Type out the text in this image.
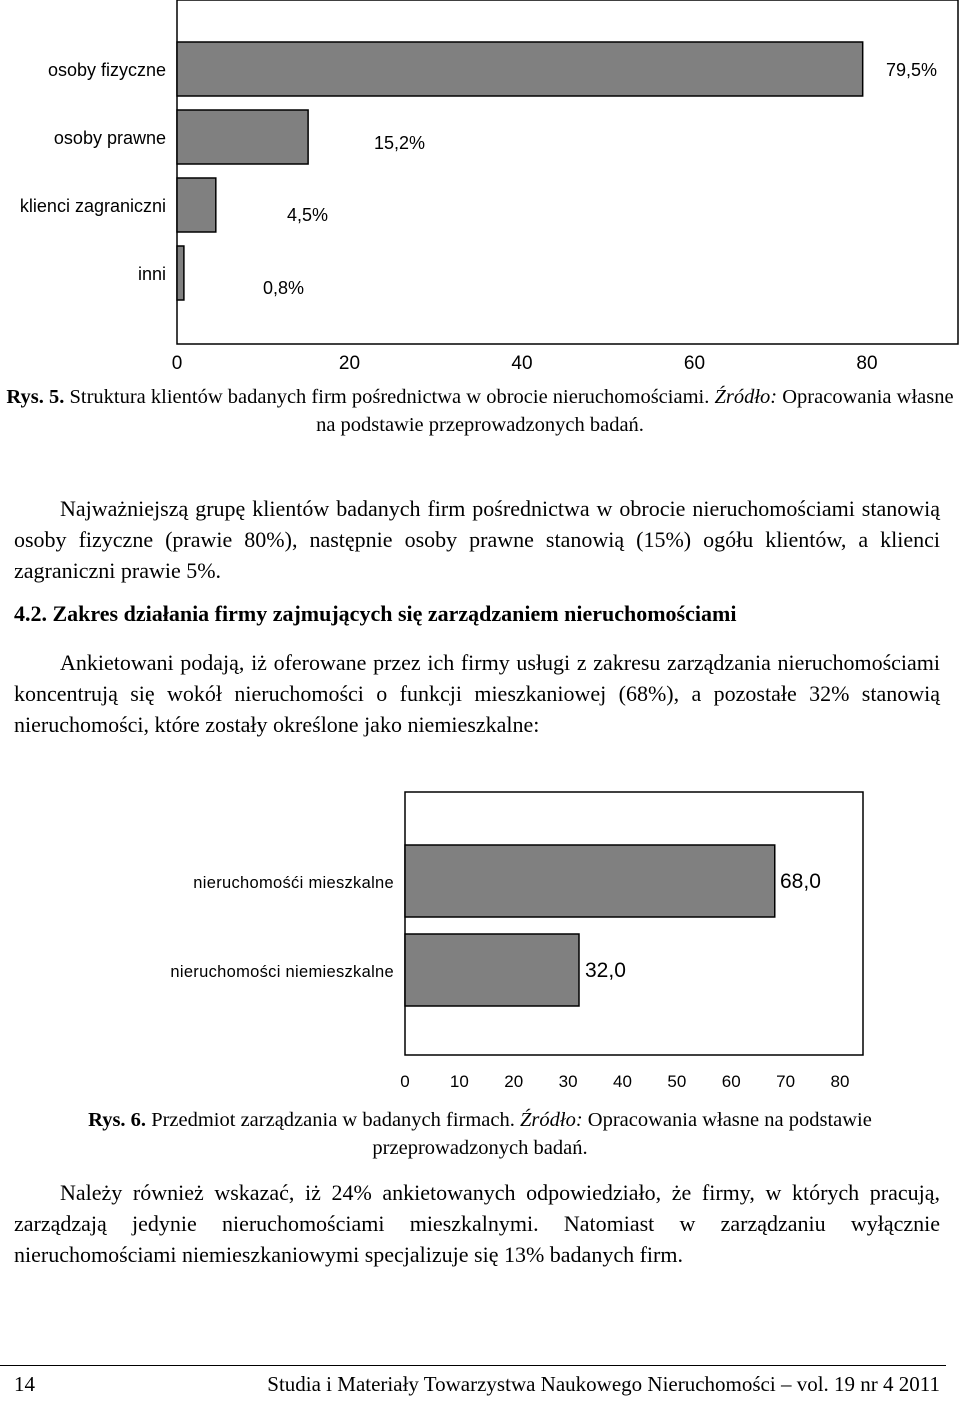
osoby fizyczne	79,5%
osoby prawne	15,2%
klienci zagraniczni	4,5%
inni
0,8%
0	20	40	60	80

Rys. 5. Struktura klientów badanych firm pośrednictwa w obrocie nieruchomościami. Źródło: Opracowania własne na podstawie przeprowadzonych badań.

Najważniejszą grupę klientów badanych firm pośrednictwa w obrocie nieruchomościami stanowią osoby fizyczne (prawie 80%), następnie osoby prawne stanowią (15%) ogółu klientów, a klienci zagraniczni prawie 5%.

4.2. Zakres działania firmy zajmujących się zarządzaniem nieruchomościami

Ankietowani podają, iż oferowane przez ich firmy usługi z zakresu zarządzania nieruchomościami koncentrują się wokół nieruchomości o funkcji mieszkaniowej (68%), a pozostałe 32% stanowią nieruchomości, które zostały określone jako niemieszkalne:

nieruchomośći mieszkalne	68,0
nieruchomości niemieszkalne	32,0
0 10 20 30 40 50 60 70 80

Rys. 6. Przedmiot zarządzania w badanych firmach. Źródło: Opracowania własne na podstawie przeprowadzonych badań.

Należy również wskazać, iż 24% ankietowanych odpowiedziało, że firmy, w których pracują, zarządzają jedynie nieruchomościami mieszkalnymi. Natomiast w zarządzaniu wyłącznie nieruchomościami niemieszkaniowymi specjalizuje się 13% badanych firm.

14	Studia i Materiały Towarzystwa Naukowego Nieruchomości – vol. 19 nr 4 2011
